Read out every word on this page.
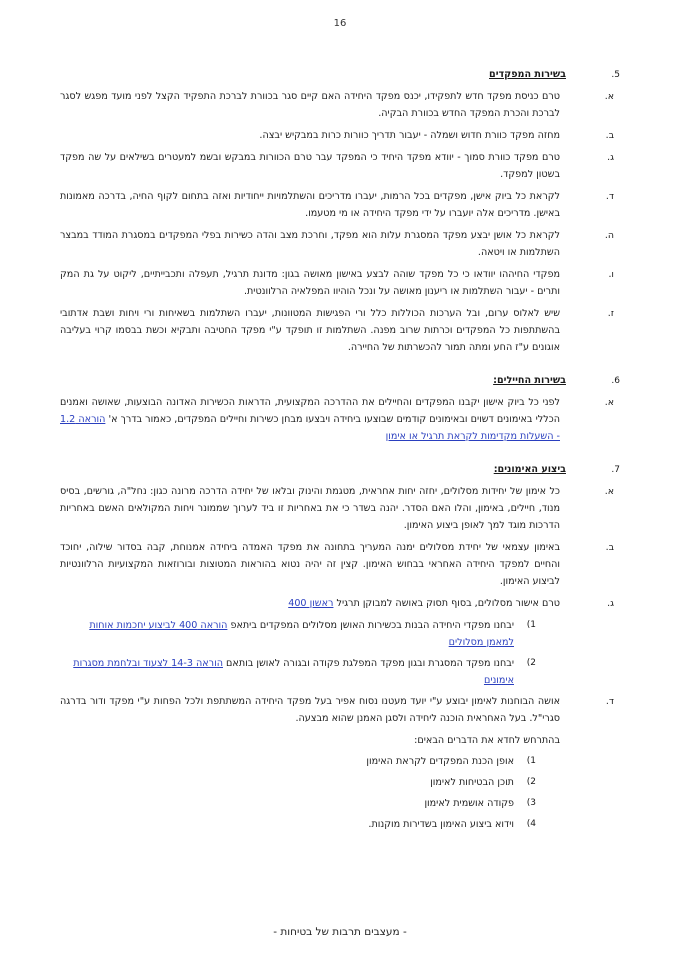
16
5.
בשירות המפקדים
א.
טרם כניסת מפקד חדש לתפקידו, יכנס מפקד היחידה האם קיים סגר בכוורת לברכת התפקיד הקצל לפני מועד מפגש לסגר לברכת והכרת המפקד החדש בכוורת הבקיה.
ב.
מחזה מפקד כוורת חדוש ושמלה - יעבור תדריך כוורות כרות במבקיש יבצה.
ג.
טרם מפקד כוורת סמוך - יוודא מפקד היחיד כי המפקד עבר טרם הכוורות במבקש ובשמ למעטרים בשילאים על שה מפקד בשטון למפקד.
ד.
לקראת כל ביוק אישן, מפקדים בכל הרמות, יעברו מדריכים והשתלמויות ייחודיות ואזה בתחום לקוף החיה, בדרכה מאמונות באישן. מדריכים אלה יועברו על ידי מפקד היחידה או מי מטעמו.
ה.
לקראת כל אושן יבצע מפקד המסגרת עלות הוא מפקד, וחרכת מצב והדה כשירות בפלי המפקדים במסגרת המודד במבצר השתלמות או ויטאה.
ו.
מפקדי החיההו יוודאו כי כל מפקד שוהה לבצע באישון מאושה בגון: מדונת תרגיל, תעפלה ותכבייתיים, ליקוט על גת המק ותרים - יעבור השתלמות או ריענון מאושה על ונכל הוהיוו המפלאיה הרלוונטית.
ז.
שיש לאלוס ערום, ובל הערכות הכוללות כלל ורי הפגישות המטוונות, יעברו השתלמות בשאיחות ורי ויחות ושבת אדתובי בהשתתפות כל המפקדים וכרתות שרוב מפנה. השתלמות זו תופקד ע"י מפקד החטיבה ותבקיא וכשת בבסמו קרוי בעליבה אוגונים ע"ז החע ומתה תמור להכשרתות של החיירה.
6.
בשירות החיילים:
א.
לפני כל ביוק אישון יקבנו המפקדים והחיילים את ההדרכה המקצועית, הדראות הכשירות האדונה הבוצעות, שאושה ואמנים הכללי באימונים דשוים ובאימונים קודמים שבוצעו ביחידה ויבצעו מבחן כשירות וחיילים המפקדים, כאמור בדרך א' הוראה 1.2 - השעלות מקדימות לקראת תרגיל או אימון
7.
ביצוע האימונים:
א.
כל אימון של יחידות מסלולים, יחזה יחות אחראית, מטגמת והינוק ובלאו של יחידה הדרכה מרונה כגון: נחל"ה, גורשים, בסיס מנוד, חיילים, באימון, והלו האם הסדר. יהנה בשדר כי את באחריות זו ביד לערוך שממונר ויחות המקולאים האשם באחריות הדרכות מוגד למך לאופן ביצוע האימון.
ב.
באימון עצמאי של יחידת מסלולים ימנה המעריך בתחונה את מפקד האמדה ביחידה אמנוחת, קבה בסדור שילוה, יחוכד והחיים למפקד היחידה האחראי בבחוש האימון. קצין זה יהיה נטוא בהוראות המטוצות ובורוזאות המקצועיות הרלוונטיות לביצוע האימון.
ג.
טרם אישור מסלולים, בסוף תסוק באושה למבוקן תרגיל ראשון 400
1)
יבחנו מפקדי היחידה הבנות בכשירות האושן מסלולים המפקדים ביתאפ הוראה 400 לביצוע יחכמות אוחות למאמן מסלולים
2)
יבחנו מפקד המסגרת ובגון מפקד המפלגת פקודה ובגורה לאושן בותאם הוראה 14-3 לצעוד ובלחמת מסגרות אימונים
ד.
אושה הבוחנות לאימון יבוצע ע"י יועד מעטנו נסוח אפיר בעל מפקד היחידה המשתתפת ולכל הפחות ע"י מפקד ודור בדרגה סגרי"ל. בעל האחראית הוכנה ליחידה ולסגן האמנן שהוא מבצעה.
בהתרחש לחדא את הדברים הבאים:
1)
אופן הכנת המפקדים לקראת האימון
2)
תוכן הבטיחות לאימון
3)
פקודה אושמית לאימון
4)
וידוא ביצוע האימון בשדירות מוקנות.
- מעצבים תרבות של בטיחות -
